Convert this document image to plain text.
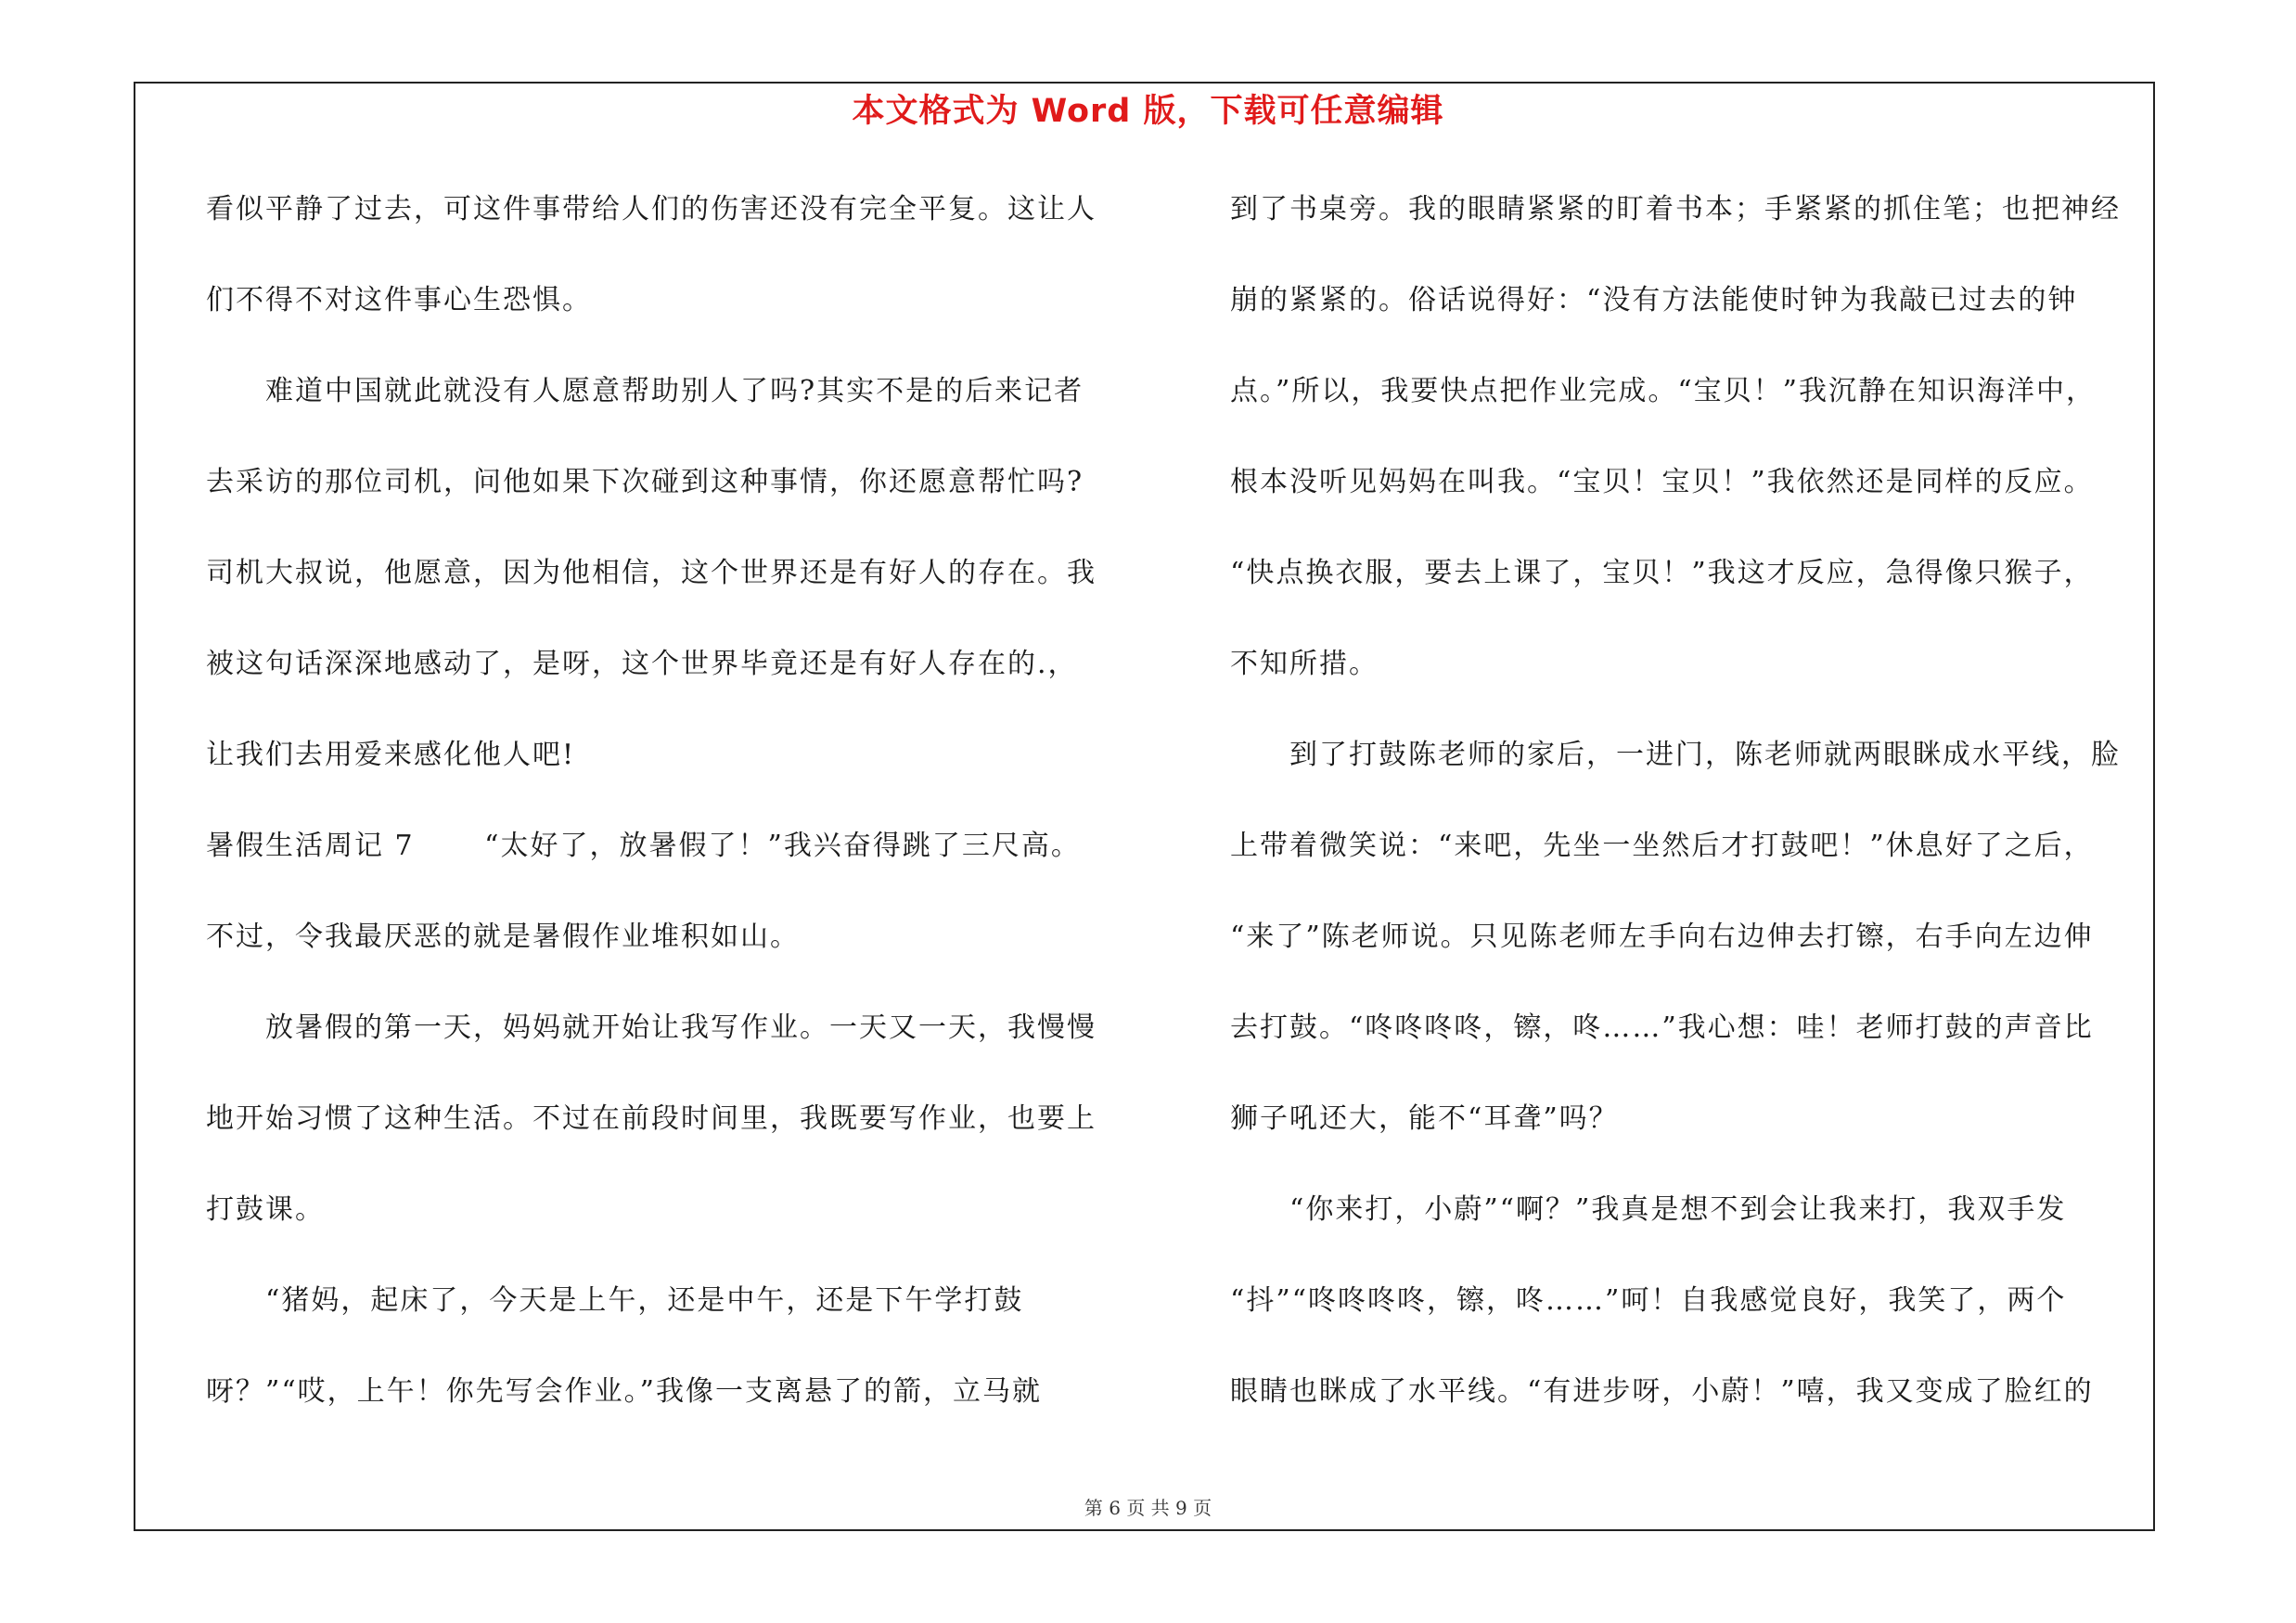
本文格式为 Word 版，下载可任意编辑
看似平静了过去，可这件事带给人们的伤害还没有完全平复。这让人
们不得不对这件事心生恐惧。
　　难道中国就此就没有人愿意帮助别人了吗?其实不是的后来记者
去采访的那位司机，问他如果下次碰到这种事情，你还愿意帮忙吗?
司机大叔说，他愿意，因为他相信，这个世界还是有好人的存在。我
被这句话深深地感动了，是呀，这个世界毕竟还是有好人存在的.，
让我们去用爱来感化他人吧!
暑假生活周记 7　　 “太好了，放暑假了！”我兴奋得跳了三尺高。
不过，令我最厌恶的就是暑假作业堆积如山。
　　放暑假的第一天，妈妈就开始让我写作业。一天又一天，我慢慢
地开始习惯了这种生活。不过在前段时间里，我既要写作业，也要上
打鼓课。
　　“猪妈，起床了，今天是上午，还是中午，还是下午学打鼓
呀？”“哎，上午！你先写会作业。”我像一支离悬了的箭，立马就
到了书桌旁。我的眼睛紧紧的盯着书本；手紧紧的抓住笔；也把神经
崩的紧紧的。俗话说得好：“没有方法能使时钟为我敲已过去的钟
点。”所以，我要快点把作业完成。“宝贝！”我沉静在知识海洋中，
根本没听见妈妈在叫我。“宝贝！宝贝！”我依然还是同样的反应。
“快点换衣服，要去上课了，宝贝！”我这才反应，急得像只猴子，
不知所措。
　　到了打鼓陈老师的家后，一进门，陈老师就两眼眯成水平线，脸
上带着微笑说：“来吧，先坐一坐然后才打鼓吧！”休息好了之后，
“来了”陈老师说。只见陈老师左手向右边伸去打镲，右手向左边伸
去打鼓。“咚咚咚咚，镲，咚……”我心想：哇！老师打鼓的声音比
狮子吼还大，能不“耳聋”吗？
　　“你来打，小蔚”“啊？”我真是想不到会让我来打，我双手发
“抖”“咚咚咚咚，镲，咚……”呵！自我感觉良好，我笑了，两个
眼睛也眯成了水平线。“有进步呀，小蔚！”嘻，我又变成了脸红的
第 6 页 共 9 页
